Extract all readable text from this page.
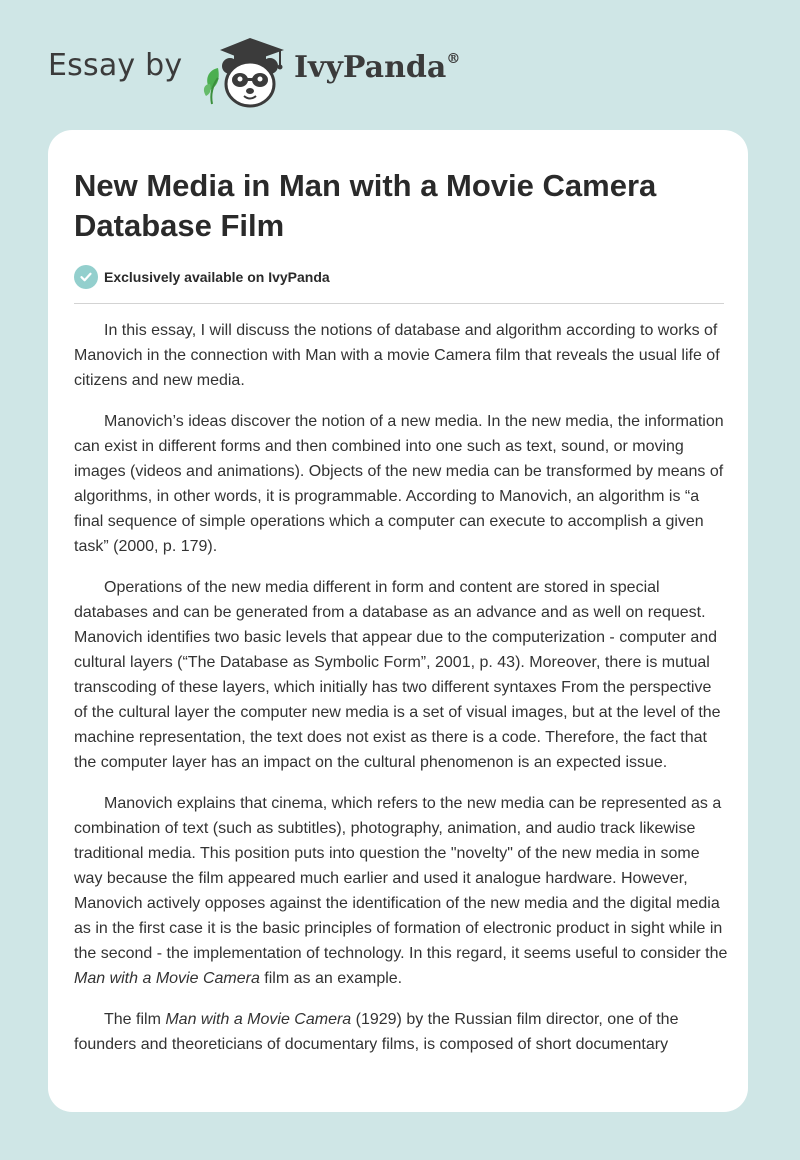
Essay by	IvyPanda®
New Media in Man with a Movie Camera
Database Film
Exclusively available on IvyPanda

In this essay, I will discuss the notions of database and algorithm according to works of Manovich in the connection with Man with a movie Camera film that reveals the usual life of citizens and new media.

Manovich’s ideas discover the notion of a new media. In the new media, the information can exist in different forms and then combined into one such as text, sound, or moving images (videos and animations). Objects of the new media can be transformed by means of algorithms, in other words, it is programmable. According to Manovich, an algorithm is “a final sequence of simple operations which a computer can execute to accomplish a given task” (2000, p. 179).

Operations of the new media different in form and content are stored in special databases and can be generated from a database as an advance and as well on request. Manovich identifies two basic levels that appear due to the computerization - computer and cultural layers (“The Database as Symbolic Form”, 2001, p. 43). Moreover, there is mutual transcoding of these layers, which initially has two different syntaxes From the perspective of the cultural layer the computer new media is a set of visual images, but at the level of the machine representation, the text does not exist as there is a code. Therefore, the fact that the computer layer has an impact on the cultural phenomenon is an expected issue.

Manovich explains that cinema, which refers to the new media can be represented as a combination of text (such as subtitles), photography, animation, and audio track likewise traditional media. This position puts into question the "novelty" of the new media in some way because the film appeared much earlier and used it analogue hardware. However, Manovich actively opposes against the identification of the new media and the digital media as in the first case it is the basic principles of formation of electronic product in sight while in the second - the implementation of technology. In this regard, it seems useful to consider the Man with a Movie Camera film as an example.

The film Man with a Movie Camera (1929) by the Russian film director, one of the founders and theoreticians of documentary films, is composed of short documentary
